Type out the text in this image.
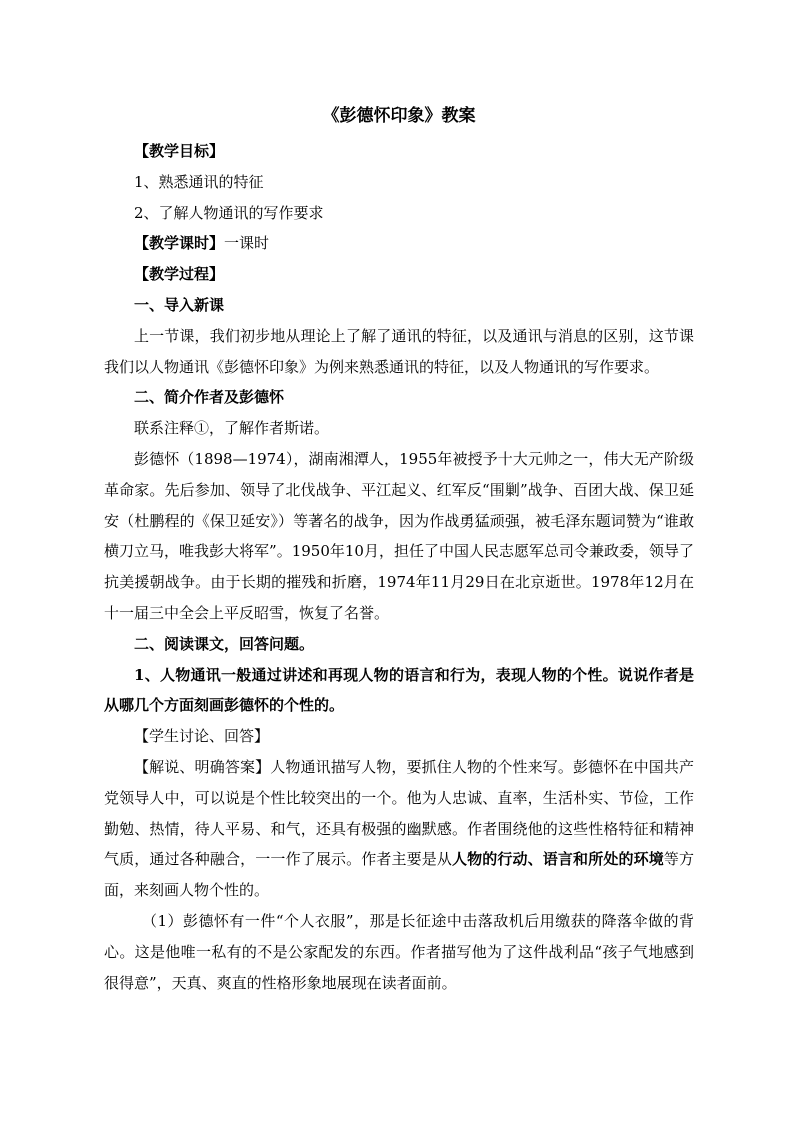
《彭德怀印象》教案

【教学目标】

1、熟悉通讯的特征

2、了解人物通讯的写作要求

【教学课时】一课时

【教学过程】

一、导入新课

上一节课，我们初步地从理论上了解了通讯的特征，以及通讯与消息的区别，这节课我们以人物通讯《彭德怀印象》为例来熟悉通讯的特征，以及人物通讯的写作要求。

二、简介作者及彭德怀

联系注释①，了解作者斯诺。

彭德怀（1898—1974），湖南湘潭人，1955年被授予十大元帅之一，伟大无产阶级革命家。先后参加、领导了北伐战争、平江起义、红军反“围剿”战争、百团大战、保卫延安（杜鹏程的《保卫延安》）等著名的战争，因为作战勇猛顽强，被毛泽东题词赞为“谁敢横刀立马，唯我彭大将军”。1950年10月，担任了中国人民志愿军总司令兼政委，领导了抗美援朝战争。由于长期的摧残和折磨，1974年11月29日在北京逝世。1978年12月在十一届三中全会上平反昭雪，恢复了名誉。

二、阅读课文，回答问题。

1、人物通讯一般通过讲述和再现人物的语言和行为，表现人物的个性。说说作者是从哪几个方面刻画彭德怀的个性的。

【学生讨论、回答】

【解说、明确答案】人物通讯描写人物，要抓住人物的个性来写。彭德怀在中国共产党领导人中，可以说是个性比较突出的一个。他为人忠诚、直率，生活朴实、节俭，工作勤勉、热情，待人平易、和气，还具有极强的幽默感。作者围绕他的这些性格特征和精神气质，通过各种融合，一一作了展示。作者主要是从人物的行动、语言和所处的环境等方面，来刻画人物个性的。

（1）彭德怀有一件“个人衣服”，那是长征途中击落敌机后用缴获的降落伞做的背心。这是他唯一私有的不是公家配发的东西。作者描写他为了这件战利品“孩子气地感到很得意”，天真、爽直的性格形象地展现在读者面前。
